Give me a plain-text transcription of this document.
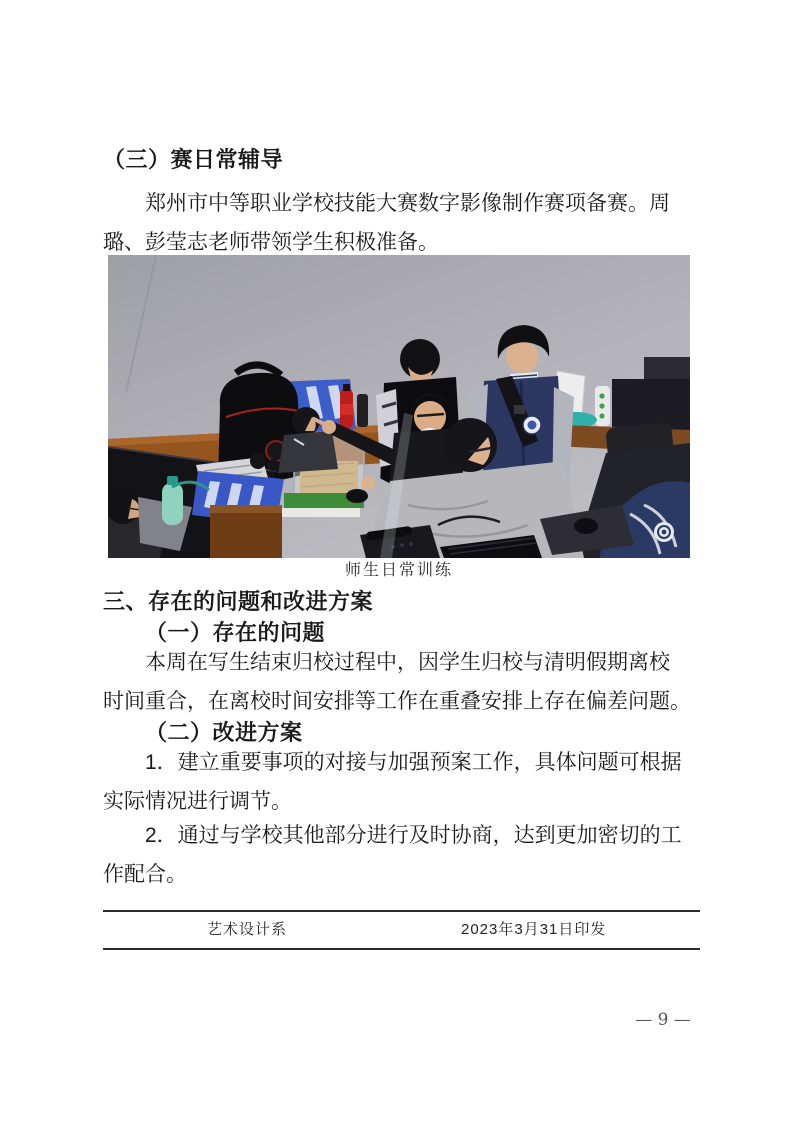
（三）赛日常辅导
郑州市中等职业学校技能大赛数字影像制作赛项备赛。周
璐、彭莹志老师带领学生积极准备。
师生日常训练
三、存在的问题和改进方案
（一）存在的问题
本周在写生结束归校过程中，因学生归校与清明假期离校
时间重合，在离校时间安排等工作在重叠安排上存在偏差问题。
（二）改进方案
1．建立重要事项的对接与加强预案工作，具体问题可根据
实际情况进行调节。
2．通过与学校其他部分进行及时协商，达到更加密切的工
作配合。
艺术设计系	2023年3月31日印发
— 9 —
